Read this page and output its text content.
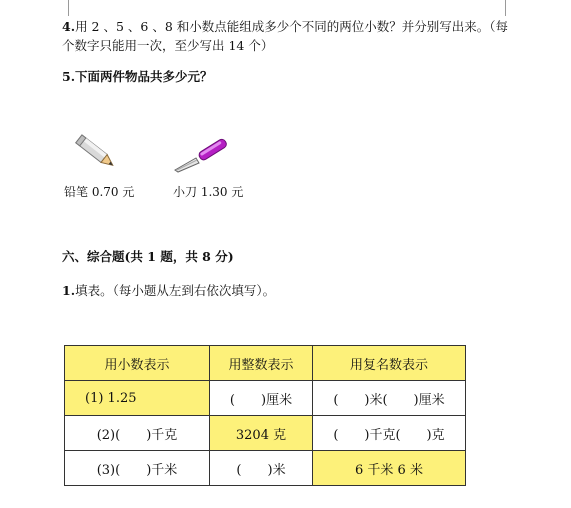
4.用 2 、5 、6 、8 和小数点能组成多少个不同的两位小数？并分别写出来。（每个数字只能用一次，至少写出 14 个）
5.下面两件物品共多少元？
铅笔 0.70 元	小刀 1.30 元
六、综合题(共 1 题，共 8 分)
1.填表。（每小题从左到右依次填写）。
用小数表示	用整数表示	用复名数表示
(1) 1.25	(　　)厘米	(　　)米(　　)厘米
(2)(　　)千克	3204 克	(　　)千克(　　)克
(3)(　　)千米	(　　)米	6 千米 6 米
